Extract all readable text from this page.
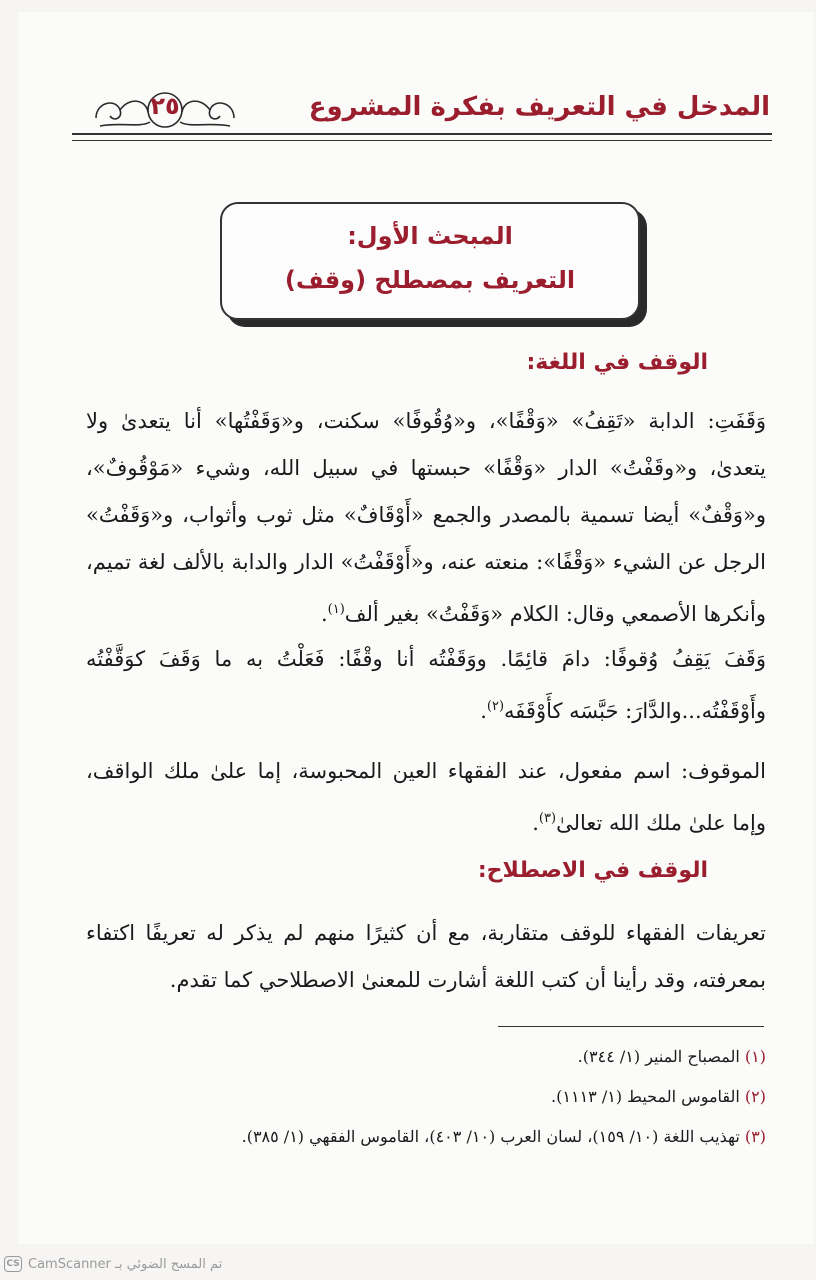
٢٥	المدخل في التعريف بفكرة المشروع
المبحث الأول:
التعريف بمصطلح (وقف)
الوقف في اللغة:
وَقَفَتِ: الدابة «تَقِفُ» «وَقْفًا»، و«وُقُوفًا» سكنت، و«وَقَفْتُها» أنا يتعدىٰ ولا يتعدىٰ، و«وقَفْتُ» الدار «وَقْفًا» حبستها في سبيل الله، وشيء «مَوْقُوفٌ»، و«وَقْفٌ» أيضا تسمية بالمصدر والجمع «أَوْقَافٌ» مثل ثوب وأثواب، و«وَقَفْتُ» الرجل عن الشيء «وَقْفًا»: منعته عنه، و«أَوْقَفْتُ» الدار والدابة بالألف لغة تميم، وأنكرها الأصمعي وقال: الكلام «وَقَفْتُ» بغير ألف$^{(١)}$.
وَقَفَ يَقِفُ وُقوفًا: دامَ قائِمًا. ووَقَفْتُه أنا وقْفًا: فَعَلْتُ به ما وَقَفَ كوَقَّفْتُه وأَوْقَفْتُه...والدَّارَ: حَبَّسَه كأَوْقَفَه$^{(٢)}$.
الموقوف: اسم مفعول، عند الفقهاء العين المحبوسة، إما علىٰ ملك الواقف، وإما علىٰ ملك الله تعالىٰ$^{(٣)}$.
الوقف في الاصطلاح:
تعريفات الفقهاء للوقف متقاربة، مع أن كثيرًا منهم لم يذكر له تعريفًا اكتفاء بمعرفته، وقد رأينا أن كتب اللغة أشارت للمعنىٰ الاصطلاحي كما تقدم.
(١) المصباح المنير (١/ ٣٤٤).
(٢) القاموس المحيط (١/ ١١١٣).
(٣) تهذيب اللغة (١٠/ ١٥٩)، لسان العرب (١٠/ ٤٠٣)، القاموس الفقهي (١/ ٣٨٥).
CS تم المسح الضوئي بـ CamScanner
